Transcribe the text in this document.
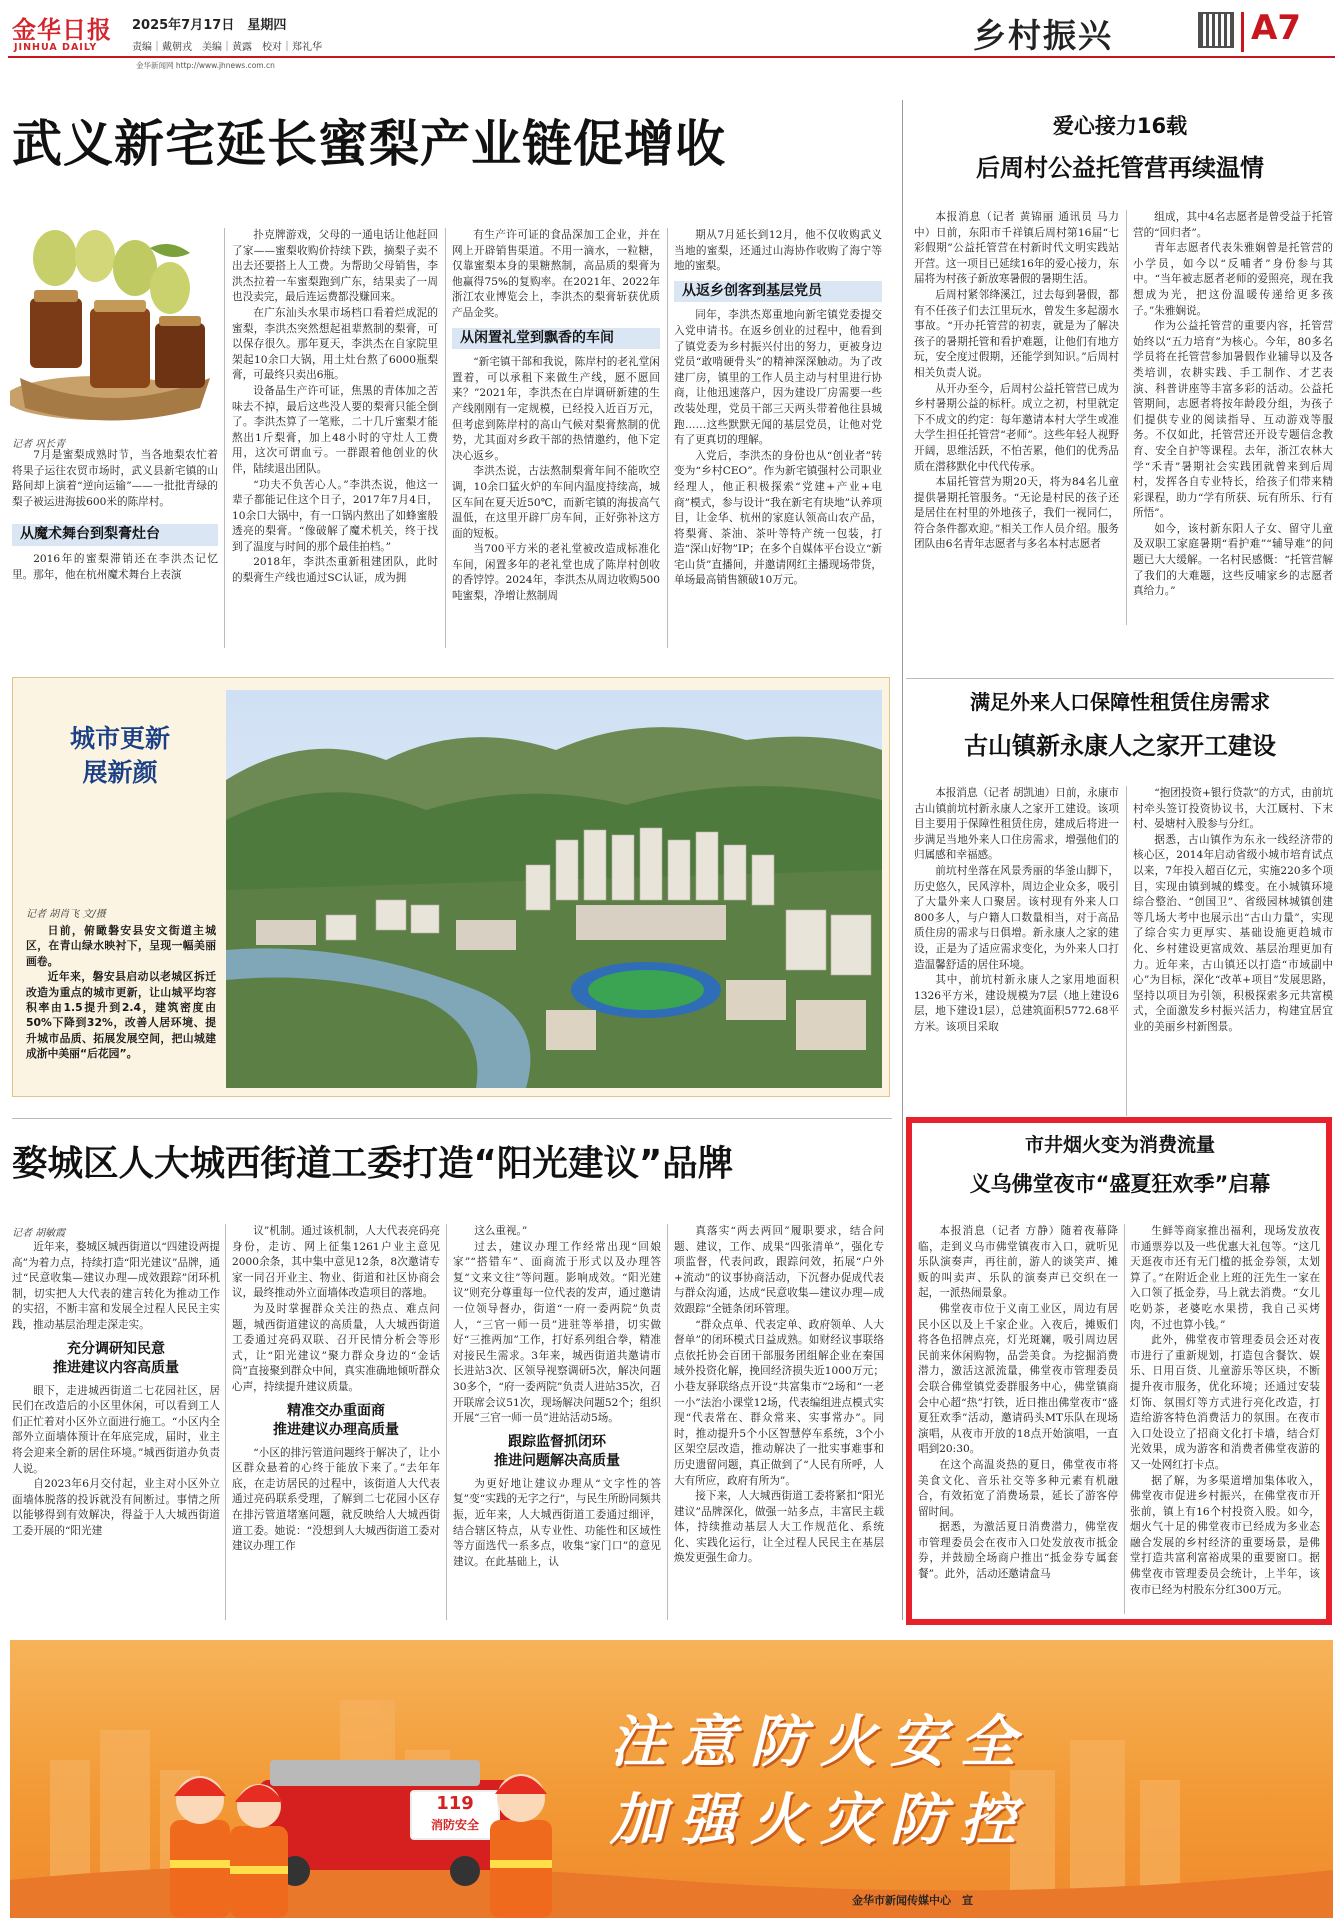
金华日报
JINHUA DAILY
2025年7月17日　 星期四
责编｜戴朝戎　美编｜黄露　校对｜郑礼华
金华新闻网 http://www.jhnews.com.cn
乡村振兴	A7
武义新宅延长蜜梨产业链促增收
记者 巩长青

7月是蜜梨成熟时节，当各地梨农忙着将果子运往农贸市场时，武义县新宅镇的山路间却上演着“逆向运输”——一批批青绿的梨子被运进海拔600米的陈岸村。

从魔术舞台到梨膏灶台

2016年的蜜梨滞销还在李洪杰记忆里。那年，他在杭州魔术舞台上表演

扑克牌游戏，父母的一通电话让他赶回了家——蜜梨收购价持续下跌，摘梨子卖不出去还要搭上人工费。为帮助父母销售，李洪杰拉着一车蜜梨跑到广东，结果卖了一周也没卖完，最后连运费都没赚回来。

在广东汕头水果市场档口看着烂成泥的蜜梨，李洪杰突然想起祖辈熬制的梨膏，可以保存很久。那年夏天，李洪杰在自家院里架起10余口大锅，用土灶台熬了6000瓶梨膏，可最终只卖出6瓶。

设备晶生产许可证，焦黑的青体加之苦味去不掉，最后这些没人要的梨膏只能全倒了。李洪杰算了一笔账，二十几斤蜜梨才能熬出1斤梨膏，加上48小时的守灶人工费用，这次可谓血亏。一群跟着他创业的伙伴，陆续退出团队。

“功夫不负苦心人。”李洪杰说，他这一辈子都能记住这个日子，2017年7月4日，10余口大锅中，有一口锅内熬出了如蜂蜜般透亮的梨膏。“像破解了魔术机关，终于找到了温度与时间的那个最佳拍档。”

2018年，李洪杰重新租建团队，此时的梨膏生产线也通过SC认证，成为拥

有生产许可证的食品深加工企业，并在网上开辟销售渠道。不用一滴水，一粒糖，仅靠蜜梨本身的果糖熬制，高品质的梨膏为他赢得75%的复购率。在2021年、2022年浙江农业博览会上，李洪杰的梨膏斩获优质产品金奖。

从闲置礼堂到飘香的车间

“新宅镇干部和我说，陈岸村的老礼堂闲置着，可以承租下来做生产线，愿不愿回来？”2021年，李洪杰在白岸调研新建的生产线刚刚有一定规模，已经投入近百万元，但考虑到陈岸村的高山气候对梨膏熬制的优势，尤其面对乡政干部的热情邀约，他下定决心返乡。

李洪杰说，古法熬制梨膏年间不能吹空调，10余口猛火炉的车间内温度持续高，城区车间在夏天近50℃，而新宅镇的海拔高气温低，在这里开辟厂房车间，正好弥补这方面的短板。

当700平方米的老礼堂被改造成标准化车间，闲置多年的老礼堂也成了陈岸村创收的香饽饽。2024年，李洪杰从周边收购500吨蜜梨，净增让熬制周

期从7月延长到12月，他不仅收购武义当地的蜜梨，还通过山海协作收购了海宁等地的蜜梨。

从返乡创客到基层党员

同年，李洪杰郑重地向新宅镇党委提交入党申请书。在返乡创业的过程中，他看到了镇党委为乡村振兴付出的努力，更被身边党员“敢啃硬骨头”的精神深深触动。为了改建厂房，镇里的工作人员主动与村里进行协商，让他迅速落户，因为建设厂房需要一些改装处理，党员干部三天两头带着他往县城跑……这些默默无闻的基层党员，让他对党有了更真切的理解。

入党后，李洪杰的身份也从“创业者”转变为“乡村CEO”。作为新宅镇强村公司职业经理人，他正积极探索“党建+产业+电商”模式，参与设计“我在新宅有块地”认养项目，让金华、杭州的家庭认领高山农产品，将梨膏、茶油、茶叶等特产统一包装，打造“深山好物”IP；在多个自媒体平台设立“新宅山货”直播间，并邀请网红主播现场带货，单场最高销售额破10万元。

爱心接力16载
后周村公益托管营再续温情

本报消息（记者 黄锦丽 通讯员 马力中）日前，东阳市千祥镇后周村第16届“七彩假期”公益托管营在村新时代文明实践站开营。这一项目已延续16年的爱心接力，东届将为村孩子新放寒暑假的暑期生活。

后周村紧邻绛溪江，过去每到暑假，都有不任孩子们去江里玩水，曾发生多起溺水事故。“开办托管营的初衷，就是为了解决孩子的暑期托管和看护难题，让他们有地方玩，安全度过假期，还能学到知识。”后周村相关负责人说。

从开办至今，后周村公益托管营已成为乡村暑期公益的标杆。成立之初，村里就定下不成文的约定：每年邀请本村大学生或准大学生担任托管营“老师”。这些年轻人视野开阔，思维活跃，不怕苦累，他们的优秀品质在潜移默化中代代传承。

本届托管营为期20天，将为84名儿童提供暑期托管服务。“无论是村民的孩子还是居住在村里的外地孩子，我们一视同仁，符合条件都欢迎。”相关工作人员介绍。服务团队由6名青年志愿者与多名本村志愿者

组成，其中4名志愿者是曾受益于托管营的“回归者”。

青年志愿者代表朱雅娴曾是托管营的小学员，如今以“反哺者”身份参与其中。“当年被志愿者老师的爱照亮，现在我想成为光，把这份温暖传递给更多孩子。”朱雅娴说。

作为公益托管营的重要内容，托管营始终以“五力培育”为核心。今年，80多名学员将在托管营参加暑假作业辅导以及各类培训，农耕实践、手工制作、才艺表演、科普讲座等丰富多彩的活动。公益托管期间，志愿者将按年龄段分组，为孩子们提供专业的阅读指导、互动游戏等服务。不仅如此，托管营还开设专题信念教育、安全自护等课程。去年，浙江农林大学“禾青”暑期社会实践团就曾来到后周村，发挥各自专业特长，给孩子们带来精彩课程，助力“学有所获、玩有所乐、行有所悟”。

如今，该村新东阳人子女、留守儿童及双职工家庭暑期“看护难”“辅导难”的问题已大大缓解。一名村民感慨：“托管营解了我们的大难题，这些反哺家乡的志愿者真给力。”

城市更新
展新颜
记者 胡肖飞 文/摄

日前，俯瞰磐安县安文街道主城区，在青山绿水映衬下，呈现一幅美丽画卷。

近年来，磐安县启动以老城区拆迁改造为重点的城市更新，让山城平均容积率由1.5提升到2.4，建筑密度由50%下降到32%，改善人居环境、提升城市品质、拓展发展空间，把山城建成浙中美丽“后花园”。

满足外来人口保障性租赁住房需求
古山镇新永康人之家开工建设

本报消息（记者 胡凯迪）日前，永康市古山镇前坑村新永康人之家开工建设。该项目主要用于保障性租赁住房，建成后将进一步满足当地外来人口住房需求，增强他们的归属感和幸福感。

前坑村坐落在风景秀丽的华釜山脚下，历史悠久，民风淳朴，周边企业众多，吸引了大量外来人口聚居。该村现有外来人口800多人，与户籍人口数量相当，对于高品质住房的需求与日俱增。新永康人之家的建设，正是为了适应需求变化，为外来人口打造温馨舒适的居住环境。

其中，前坑村新永康人之家用地面积1326平方米，建设规模为7层（地上建设6层，地下建设1层），总建筑面积5772.68平方米。该项目采取

“抱团投资+银行贷款”的方式，由前坑村牵头签订投资协议书，大江厩村、下末村、晏塘村入股参与分红。

据悉，古山镇作为东永一线经济带的核心区，2014年启动省级小城市培育试点以来，7年投入超百亿元，实施220多个项目，实现由镇到城的蝶变。在小城镇环境综合整治、“创国卫”、省级园林城镇创建等几场大考中也展示出“古山力量”，实现了综合实力更厚实、基础设施更趋城市化、乡村建设更富成效、基层治理更加有力。近年来，古山镇还以打造“市域副中心”为目标，深化“改革+项目”发展思路，坚持以项目为引领，积极探索多元共富模式，全面激发乡村振兴活力，构建宜居宜业的美丽乡村新图景。

婺城区人大城西街道工委打造“阳光建议”品牌
记者 胡敏霞

近年来，婺城区城西街道以“四建设两提高”为着力点，持续打造“阳光建议”品牌，通过“民意收集—建议办理—成效跟踪”闭环机制，切实把人大代表的建言转化为推动工作的实招，不断丰富和发展全过程人民民主实践，推动基层治理走深走实。

充分调研知民意
推进建议内容高质量

眼下，走进城西街道二七花园社区，居民们在改造后的小区里休闲，可以看到工人们正忙着对小区外立面进行施工。“小区内全部外立面墙体预计在年底完成，届时，业主将会迎来全新的居住环境。”城西街道办负责人说。

自2023年6月交付起，业主对小区外立面墙体脱落的投诉就没有间断过。事情之所以能够得到有效解决，得益于人大城西街道工委开展的“阳光建

议”机制。通过该机制，人大代表亮码亮身份，走访、网上征集1261户业主意见2000余条，其中集中意见12条，8次邀请专家一同召开业主、物业、街道和社区协商会议，最终推动外立面墙体改造项目的落地。

为及时掌握群众关注的热点、难点问题，城西街道建议的高质量，人大城西街道工委通过亮码双联、召开民情分析会等形式，让“阳光建议”聚力群众身边的“金话筒”直接聚到群众中间，真实准确地倾听群众心声，持续提升建议质量。

精准交办重面商
推进建议办理高质量

“小区的排污管道问题终于解决了，让小区群众悬着的心终于能放下来了。”去年年底，在走访居民的过程中，该街道人大代表通过亮码联系受理，了解到二七花园小区存在排污管道堵塞问题，就反映给人大城西街道工委。她说：“没想到人大城西街道工委对建议办理工作

这么重视。”

过去，建议办理工作经常出现“回娘家”“搭错车”、面商流于形式以及办理答复“文来文往”等问题。影响成效。“阳光建议”则充分尊重每一位代表的发声，通过邀请一位领导督办，街道“一府一委两院”负责人，“三官一师一员”进驻等举措，切实做好“三推两加”工作，打好系列组合拳，精准对接民生需求。3年来，城西街道共邀请市长进站3次、区领导视察调研5次，解决问题30多个，“府一委两院”负责人进站35次，召开联席会议51次，现场解决问题52个；组织开展“三官一师一员”进站活动5场。

跟踪监督抓闭环
推进问题解决高质量

为更好地让建议办理从“文字性的答复”变“实践的无字之行”，与民生所盼同频共振，近年来，人大城西街道工委通过细评，结合辖区特点，从专业性、功能性和区域性等方面选代一系多点，收集“家门口”的意见建议。在此基础上，认

真落实“两去两回”履职要求，结合问题、建议，工作、成果“四张清单”，强化专项监督，代表问政，跟踪问效，拓展“户外+流动”的议事协商活动，下沉督办促成代表与群众沟通，达成“民意收集—建议办理—成效跟踪”全链条闭环管理。

“群众点单、代表定单、政府领单、人大督单”的闭环模式日益成熟。如财经议事联络点依托协会百团干部服务团组解企业在秦国域外投资化解，挽回经济损失近1000万元；小巷友驿联络点开设“共富集市”2场和“一老一小”法治小课堂12场，代表编组进点模式实现“代表常在、群众常来、实事常办”。同时，推动提升5个小区智慧停车系统，3个小区架空层改造，推动解决了一批实事难事和历史遗留问题，真正做到了“人民有所呼，人大有所应，政府有所为”。

接下来，人大城西街道工委将紧扣“阳光建议”品牌深化，做强一站多点，丰富民主载体，持续推动基层人大工作规范化、系统化、实践化运行，让全过程人民民主在基层焕发更强生命力。

市井烟火变为消费流量
义乌佛堂夜市“盛夏狂欢季”启幕

本报消息（记者 方静）随着夜幕降临，走到义乌市佛堂镇夜市入口，就听见乐队演奏声，再往前，游人的谈笑声、摊贩的叫卖声、乐队的演奏声已交织在一起，一派热闹景象。

佛堂夜市位于义南工业区，周边有居民小区以及上千家企业。入夜后，摊贩们将各色招牌点亮，灯光斑斓，吸引周边居民前来休闲购物，品尝美食。为挖掘消费潜力，激活这派流量，佛堂夜市管理委员会联合佛堂镇党委群服务中心，佛堂镇商会中心超“热”打铁，近日推出佛堂夜市“盛夏狂欢季”活动，邀请码头MT乐队在现场演唱，从夜市开放的18点开始演唱，一直唱到20:30。

在这个高温炎热的夏日，佛堂夜市将美食文化、音乐社交等多种元素有机融合，有效拓宽了消费场景，延长了游客停留时间。

据悉，为激活夏日消费潜力，佛堂夜市管理委员会在夜市入口处发放夜市抵金券，并鼓励全场商户推出“抵金券专属套餐”。此外，活动还邀请盒马

生鲜等商家推出福利，现场发放夜市通票券以及一些优惠大礼包等。“这几天逛夜市还有无门槛的抵金券领，太划算了。”在附近企业上班的汪先生一家在入口领了抵金券，马上就去消费。“女儿吃奶茶，老婆吃水果捞，我自己买烤肉，不过也算小钱。”

此外，佛堂夜市管理委员会还对夜市进行了重新规划，打造包含餐饮、娱乐、日用百货、儿童游乐等区块，不断提升夜市服务，优化环境；还通过安装灯饰、氛围灯等方式进行亮化改造，打造给游客特色消费活力的氛围。在夜市入口处设立了招商文化打卡墙，结合灯光效果，成为游客和消费者佛堂夜游的又一处网红打卡点。

据了解，为多渠道增加集体收入，佛堂夜市促进乡村振兴，在佛堂夜市开张前，镇上有16个村投资入股。如今，烟火气十足的佛堂夜市已经成为多业态融合发展的乡村经济的重要场景，是佛堂打造共富利富裕成果的重要窗口。据佛堂夜市管理委员会统计，上半年，该夜市已经为村股东分红300万元。

119
消防安全
注意防火安全
加强火灾防控
金华市新闻传媒中心　宣
